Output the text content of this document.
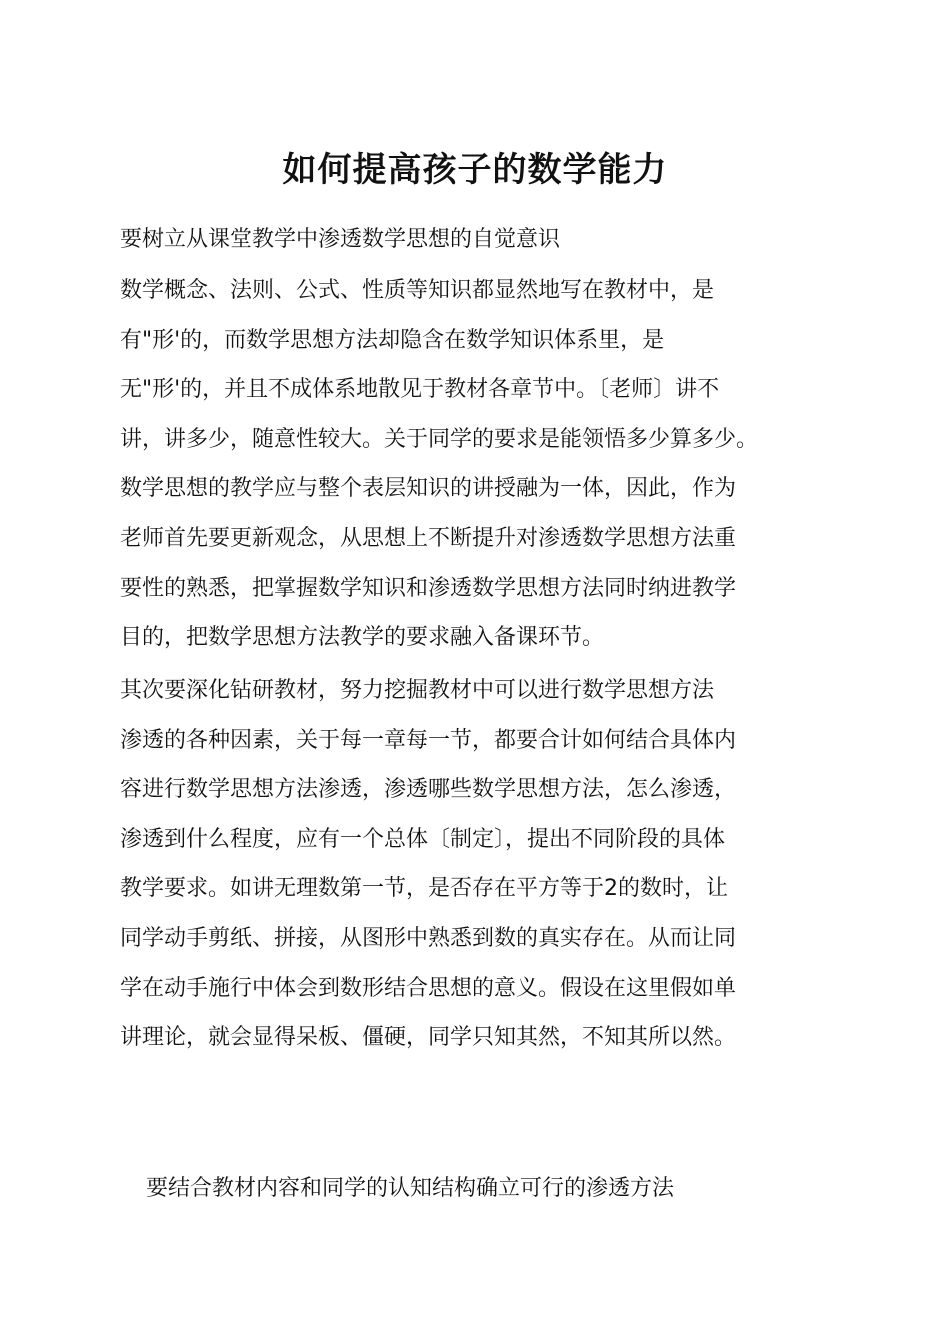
如何提高孩子的数学能力
要树立从课堂教学中渗透数学思想的自觉意识
数学概念、法则、公式、性质等知识都显然地写在教材中，是
有"形'的，而数学思想方法却隐含在数学知识体系里，是
无"形'的，并且不成体系地散见于教材各章节中。〔老师〕讲不
讲，讲多少，随意性较大。关于同学的要求是能领悟多少算多少。
数学思想的教学应与整个表层知识的讲授融为一体，因此，作为
老师首先要更新观念，从思想上不断提升对渗透数学思想方法重
要性的熟悉，把掌握数学知识和渗透数学思想方法同时纳进教学
目的，把数学思想方法教学的要求融入备课环节。
其次要深化钻研教材，努力挖掘教材中可以进行数学思想方法
渗透的各种因素，关于每一章每一节，都要合计如何结合具体内
容进行数学思想方法渗透，渗透哪些数学思想方法，怎么渗透，
渗透到什么程度，应有一个总体〔制定〕，提出不同阶段的具体
教学要求。如讲无理数第一节，是否存在平方等于2的数时，让
同学动手剪纸、拼接，从图形中熟悉到数的真实存在。从而让同
学在动手施行中体会到数形结合思想的意义。假设在这里假如单
讲理论，就会显得呆板、僵硬，同学只知其然，不知其所以然。
要结合教材内容和同学的认知结构确立可行的渗透方法
